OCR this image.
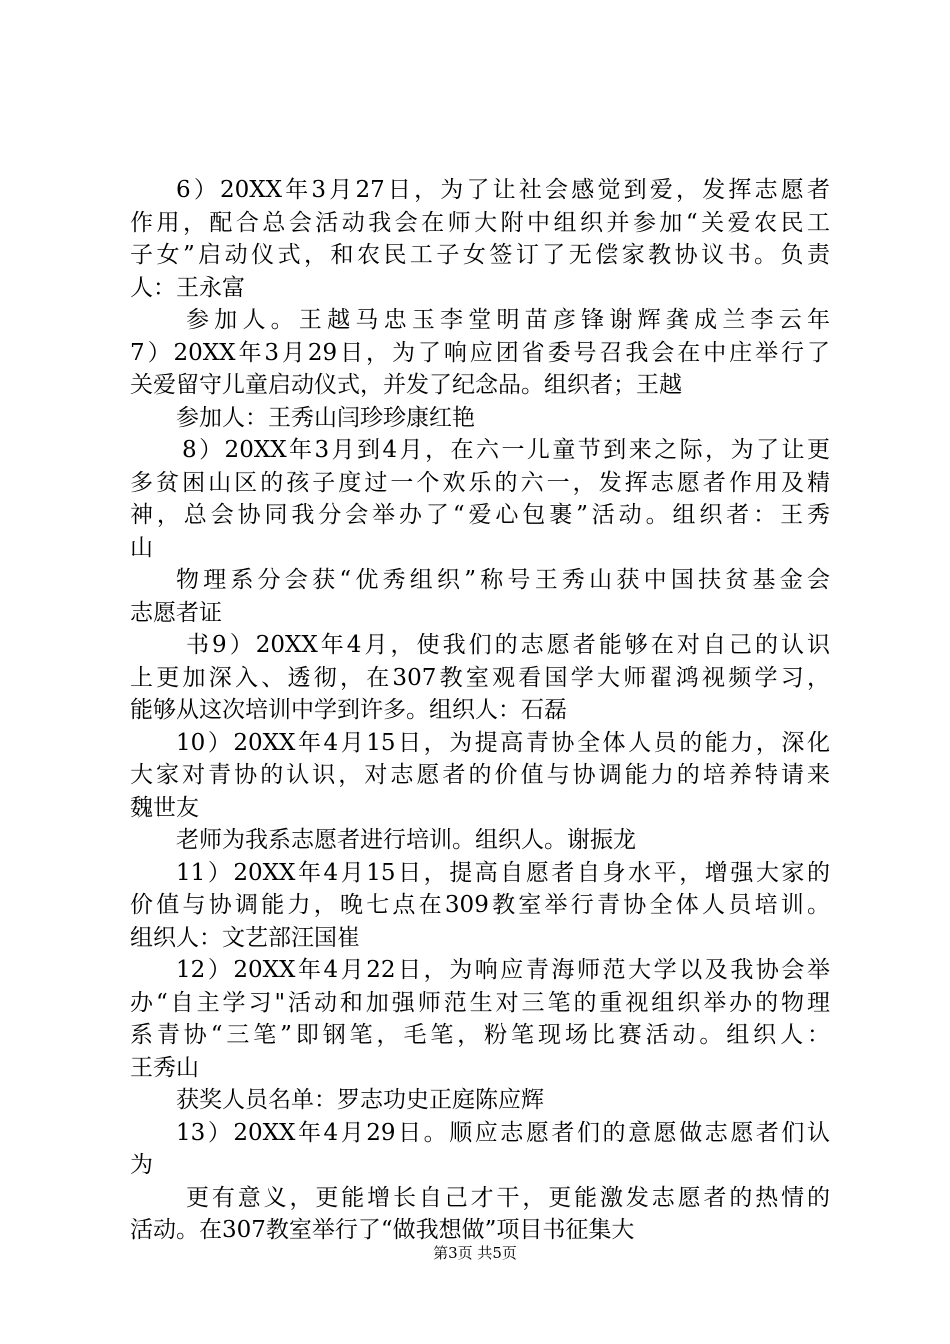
6）20XX年3月27日，为了让社会感觉到爱，发挥志愿者
作用，配合总会活动我会在师大附中组织并参加“关爱农民工
子女”启动仪式，和农民工子女签订了无偿家教协议书。负责
人：王永富
参加人。王越马忠玉李堂明苗彦锋谢辉龚成兰李云年
7）20XX年3月29日，为了响应团省委号召我会在中庄举行了
关爱留守儿童启动仪式，并发了纪念品。组织者；王越
参加人：王秀山闫珍珍康红艳
8）20XX年3月到4月，在六一儿童节到来之际，为了让更
多贫困山区的孩子度过一个欢乐的六一，发挥志愿者作用及精
神，总会协同我分会举办了“爱心包裹”活动。组织者：王秀
山
物理系分会获“优秀组织”称号王秀山获中国扶贫基金会
志愿者证
书9）20XX年4月，使我们的志愿者能够在对自己的认识
上更加深入、透彻，在307教室观看国学大师翟鸿视频学习，
能够从这次培训中学到许多。组织人：石磊
10）20XX年4月15日，为提高青协全体人员的能力，深化
大家对青协的认识，对志愿者的价值与协调能力的培养特请来
魏世友
老师为我系志愿者进行培训。组织人。谢振龙
11）20XX年4月15日，提高自愿者自身水平，增强大家的
价值与协调能力，晚七点在309教室举行青协全体人员培训。
组织人：文艺部汪国崔
12）20XX年4月22日，为响应青海师范大学以及我协会举
办“自主学习"活动和加强师范生对三笔的重视组织举办的物理
系青协“三笔”即钢笔，毛笔，粉笔现场比赛活动。组织人：
王秀山
获奖人员名单：罗志功史正庭陈应辉
13）20XX年4月29日。顺应志愿者们的意愿做志愿者们认
为
更有意义，更能增长自己才干，更能激发志愿者的热情的
活动。在307教室举行了“做我想做”项目书征集大
第3页 共5页
